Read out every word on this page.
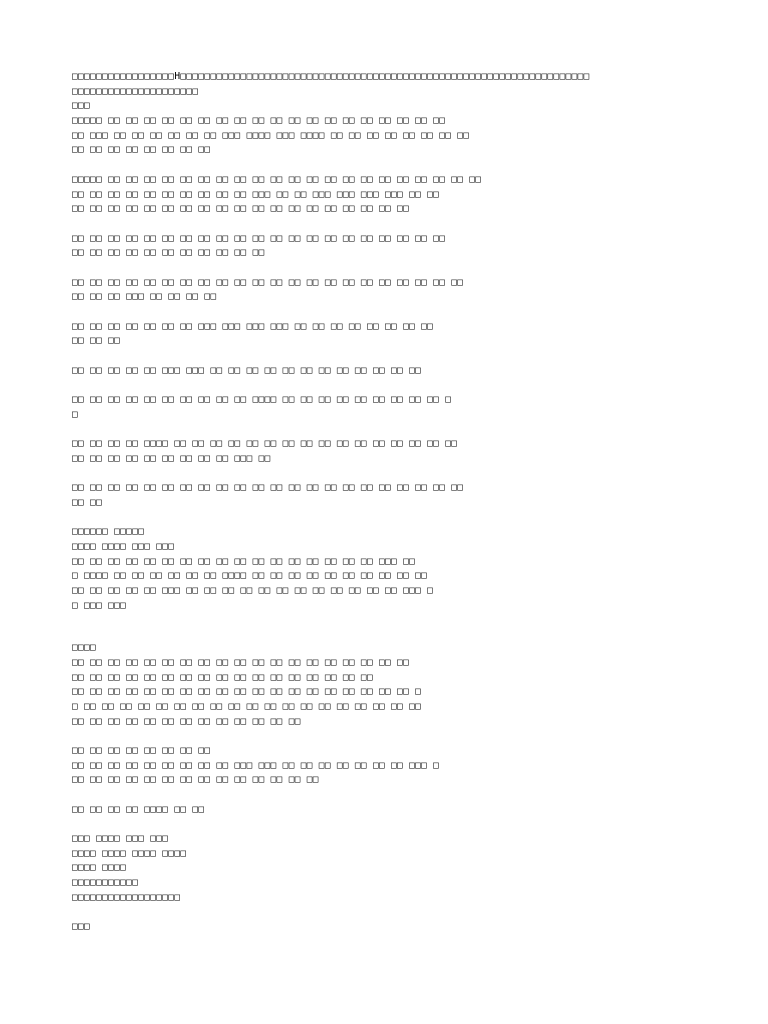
□□□□□□□□□□□□□□□□□H□□□□□□□□□□□□□□□□□□□□□□□□□□□□□□□□□□□□□□□□□□□□□□□□□□□□□□□□□□□□□□□□□□□□
□□□□□□□□□□□□□□□□□□□□□
□□□
□□□□□ □□ □□ □□ □□ □□ □□ □□ □□ □□ □□ □□ □□ □□ □□ □□ □□ □□ □□ □□
□□ □□□ □□ □□ □□ □□ □□ □□ □□□ □□□□ □□□ □□□□ □□ □□ □□ □□ □□ □□ □□ □□
□□ □□ □□ □□ □□ □□ □□ □□
□□□□□ □□ □□ □□ □□ □□ □□ □□ □□ □□ □□ □□ □□ □□ □□ □□ □□ □□ □□ □□ □□ □□
□□ □□ □□ □□ □□ □□ □□ □□ □□ □□ □□□ □□ □□ □□□ □□□ □□□ □□□ □□ □□
□□ □□ □□ □□ □□ □□ □□ □□ □□ □□ □□ □□ □□ □□ □□ □□ □□ □□ □□
□□ □□ □□ □□ □□ □□ □□ □□ □□ □□ □□ □□ □□ □□ □□ □□ □□ □□ □□ □□ □□
□□ □□ □□ □□ □□ □□ □□ □□ □□ □□ □□
□□ □□ □□ □□ □□ □□ □□ □□ □□ □□ □□ □□ □□ □□ □□ □□ □□ □□ □□ □□ □□ □□
□□ □□ □□ □□□ □□ □□ □□ □□
□□ □□ □□ □□ □□ □□ □□ □□□ □□□ □□□ □□□ □□ □□ □□ □□ □□ □□ □□ □□
□□ □□ □□
□□ □□ □□ □□ □□ □□□ □□□ □□ □□ □□ □□ □□ □□ □□ □□ □□ □□ □□ □□
□□ □□ □□ □□ □□ □□ □□ □□ □□ □□ □□□□ □□ □□ □□ □□ □□ □□ □□ □□ □□ □
□
□□ □□ □□ □□ □□□□ □□ □□ □□ □□ □□ □□ □□ □□ □□ □□ □□ □□ □□ □□ □□ □□
□□ □□ □□ □□ □□ □□ □□ □□ □□ □□□ □□
□□ □□ □□ □□ □□ □□ □□ □□ □□ □□ □□ □□ □□ □□ □□ □□ □□ □□ □□ □□ □□ □□
□□ □□
□□□□□□ □□□□□
□□□□ □□□□ □□□ □□□
□□ □□ □□ □□ □□ □□ □□ □□ □□ □□ □□ □□ □□ □□ □□ □□ □□ □□□ □□
□ □□□□ □□ □□ □□ □□ □□ □□ □□□□ □□ □□ □□ □□ □□ □□ □□ □□ □□ □□
□□ □□ □□ □□ □□ □□□ □□ □□ □□ □□ □□ □□ □□ □□ □□ □□ □□ □□ □□□ □
□ □□□ □□□
□□□□
□□ □□ □□ □□ □□ □□ □□ □□ □□ □□ □□ □□ □□ □□ □□ □□ □□ □□ □□
□□ □□ □□ □□ □□ □□ □□ □□ □□ □□ □□ □□ □□ □□ □□ □□ □□
□□ □□ □□ □□ □□ □□ □□ □□ □□ □□ □□ □□ □□ □□ □□ □□ □□ □□ □□ □
□ □□ □□ □□ □□ □□ □□ □□ □□ □□ □□ □□ □□ □□ □□ □□ □□ □□ □□ □□
□□ □□ □□ □□ □□ □□ □□ □□ □□ □□ □□ □□ □□
□□ □□ □□ □□ □□ □□ □□ □□
□□ □□ □□ □□ □□ □□ □□ □□ □□ □□□ □□□ □□ □□ □□ □□ □□ □□ □□ □□□ □
□□ □□ □□ □□ □□ □□ □□ □□ □□ □□ □□ □□ □□ □□
□□ □□ □□ □□ □□□□ □□ □□
□□□ □□□□ □□□ □□□
□□□□ □□□□ □□□□ □□□□
□□□□ □□□□
□□□□□□□□□□□
□□□□□□□□□□□□□□□□□□
□□□
